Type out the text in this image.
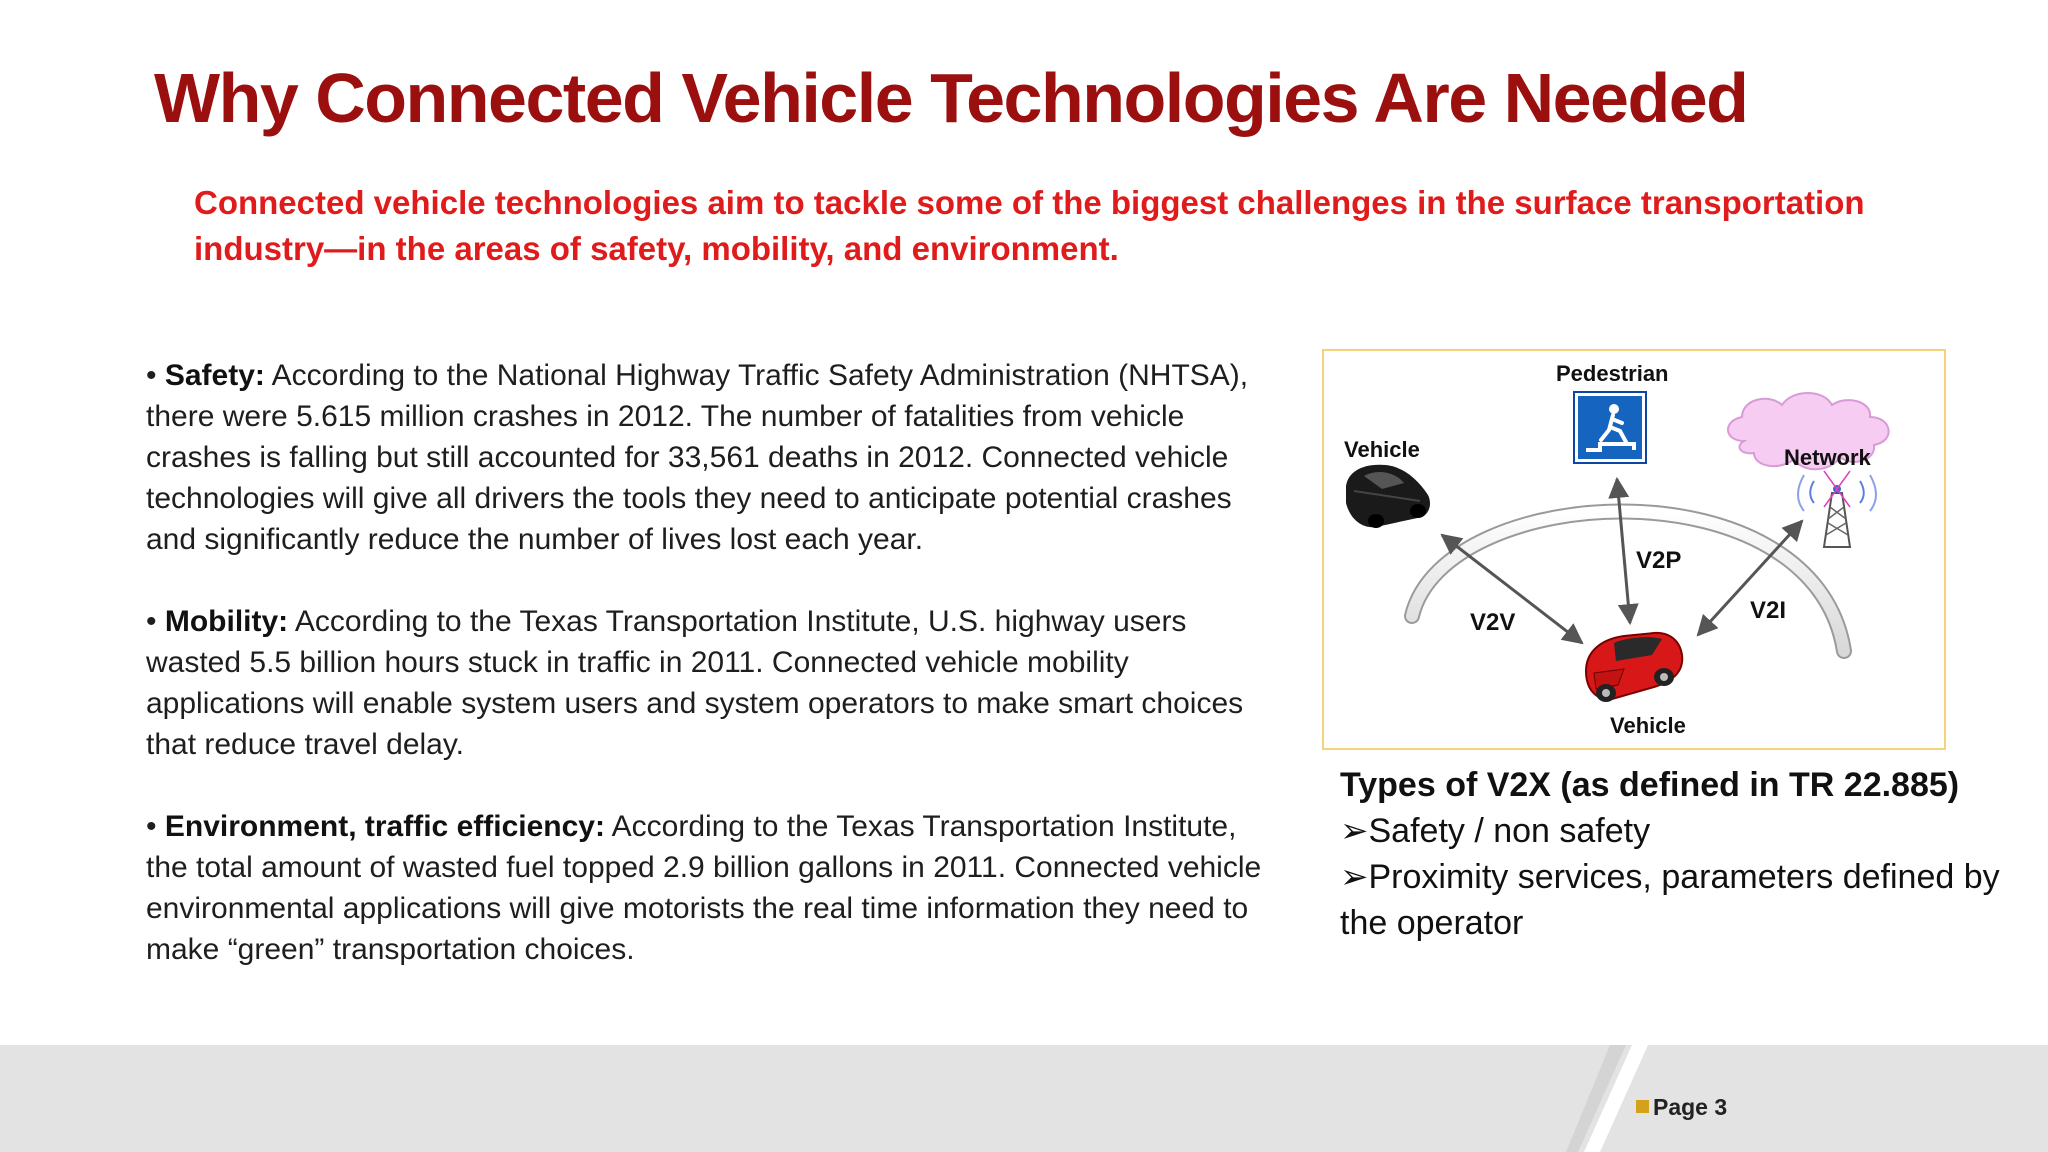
Why Connected Vehicle Technologies Are Needed

Connected vehicle technologies aim to tackle some of the biggest challenges in the surface transportation industry—in the areas of safety, mobility, and environment.

• Safety: According to the National Highway Traffic Safety Administration (NHTSA), there were 5.615 million crashes in 2012. The number of fatalities from vehicle crashes is falling but still accounted for 33,561 deaths in 2012. Connected vehicle technologies will give all drivers the tools they need to anticipate potential crashes and significantly reduce the number of lives lost each year.

• Mobility: According to the Texas Transportation Institute, U.S. highway users wasted 5.5 billion hours stuck in traffic in 2011. Connected vehicle mobility applications will enable system users and system operators to make smart choices that reduce travel delay.

• Environment, traffic efficiency: According to the Texas Transportation Institute, the total amount of wasted fuel topped 2.9 billion gallons in 2011. Connected vehicle environmental applications will give motorists the real time information they need to make “green” transportation choices.

Pedestrian
Vehicle	Network
Vehicle
V2V
V2P
V2I
Types of V2X (as defined in TR 22.885)
➢Safety / non safety
➢Proximity services, parameters defined by the operator
Page 3
